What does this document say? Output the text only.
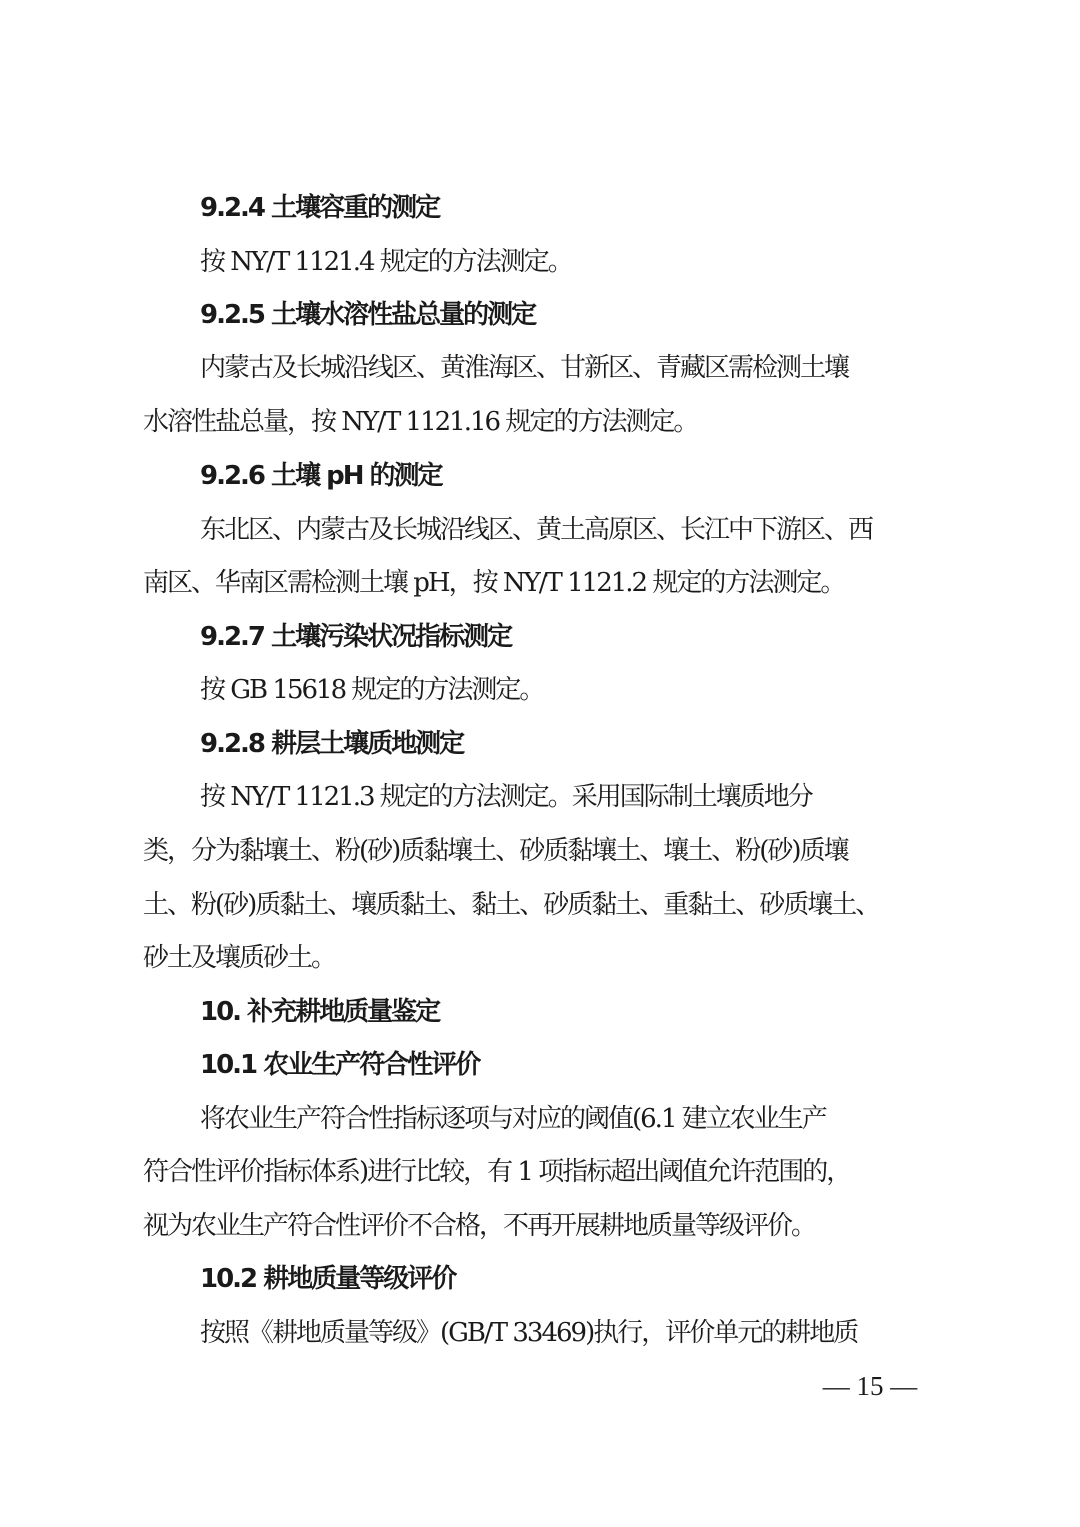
9.2.4 土壤容重的测定
按 NY/T 1121.4 规定的方法测定。
9.2.5 土壤水溶性盐总量的测定
内蒙古及长城沿线区、黄淮海区、甘新区、青藏区需检测土壤
水溶性盐总量，按 NY/T 1121.16 规定的方法测定。
9.2.6 土壤 pH 的测定
东北区、内蒙古及长城沿线区、黄土高原区、长江中下游区、西
南区、华南区需检测土壤 pH，按 NY/T 1121.2 规定的方法测定。
9.2.7 土壤污染状况指标测定
按 GB 15618 规定的方法测定。
9.2.8 耕层土壤质地测定
按 NY/T 1121.3 规定的方法测定。采用国际制土壤质地分
类，分为黏壤土、粉(砂)质黏壤土、砂质黏壤土、壤土、粉(砂)质壤
土、粉(砂)质黏土、壤质黏土、黏土、砂质黏土、重黏土、砂质壤土、
砂土及壤质砂土。
10. 补充耕地质量鉴定
10.1 农业生产符合性评价
将农业生产符合性指标逐项与对应的阈值(6.1 建立农业生产
符合性评价指标体系)进行比较，有 1 项指标超出阈值允许范围的，
视为农业生产符合性评价不合格，不再开展耕地质量等级评价。
10.2 耕地质量等级评价
按照《耕地质量等级》(GB/T 33469)执行，评价单元的耕地质
— 15 —
